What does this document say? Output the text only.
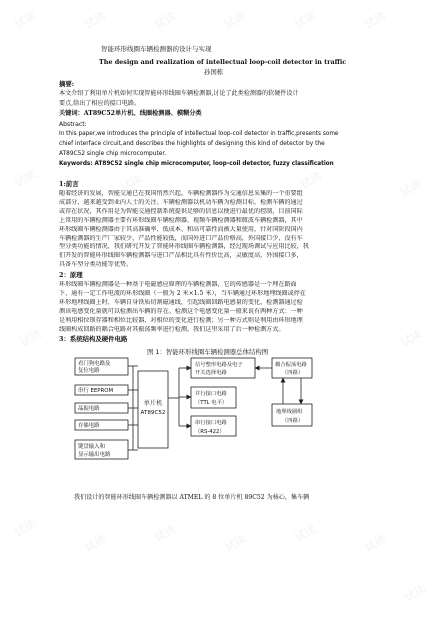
试读	试读	试读	试读	试读	试读
试读	试读	试读	试读
试读	试读
试读
试读	试读	试读	试读	试读
试读
智能环形线圈车辆检测器的设计与实现
The design and realization of intellectual loop-coil detector in traffic
孙国栋
摘要:
本文介绍了利用单片机如何实现智能环形线圈车辆检测器,讨论了此类检测器的软硬件设计
要点,给出了相应的接口电路。
关键词：AT89C52单片机、线圈检测器、模糊分类
Abstract:
In this paper,we introduces the principle of intellectual loop-coil detector in traffic,presents some
chief interface circuit,and describes the highlights of designing this kind of detector by the
AT89C52 single chip microcomputer.
Keywords: AT89C52 single chip microcomputer, loop-coil detector, fuzzy classification
1:前言
随着经济的发展，智能交通已在我国悄然兴起，车辆检测器作为交通信息采集的一个重要组
成部分，越来越受到业内人士的关注。车辆检测器以机动车辆为检测目标，检测车辆的通过
或存在状况，其作用是为智能交通控制系统提供足够的信息以便进行最优的控制，目前国际
上常用的车辆检测器主要有环形线圈车辆检测器，视频车辆检测器和微波车辆检测器，其中
环形线圈车辆检测器由于其高准确率、低成本、和高可靠性而被大量使用，针对国阶段国内
车辆检测器的生产厂家较少，产品性能较低，而国外进口产品价格高，外国接口少，没有车
型分类功能的情况，我们研究开发了智能环形线圈车辆检测器，经过现场调试与应用比较，我
们开发的智能环形线圈车辆检测器与进口产品相比具有性价比高，灵敏度高，外围接口多，
具备车型分类功能等优势。
2：原理
环形线圈车辆检测器是一种基于电磁感应原理的车辆检测器，它的传感器是一个埋在路面
下，通有一定工作电流的环形线圈（一般为 2 米×1.5 米），当车辆通过环形地埋线圈或停在
环形地埋线圈上时，车辆自身铁质切割磁通线，引起线圈回路电感量的变化，检测器通过检
测该电感变化量就可以检测出车辆的存在。检测这个电感变化量一般来说有两种方式：一种
是利用相位锁存器和相位比较器，对相位的变化进行检测；另一种方式则是利用由环形地埋
线圈构成回路的耦合电路对其振荡频率进行检测，我们这里采用了后一种检测方式。
3：系统结构及硬件电路
图 1：智能环形线圈车辆检测器总体结构图
看门狗电路及
复位电路
串行 EEPROM
晶振电路
存储电路
键盘输入和
显示输出电路
单片机
AT89C52
信号整形电路及电子
开关选择电路
并行接口电路
（TTL 电平）
串行接口电路
（RS-422）
耦合振荡电路
（四路）
地埋线圈组
（四路）
我们设计的智能环形线圈车辆检测器以 ATMEL 的 8 位单片机 89C52 为核心，集车辆
